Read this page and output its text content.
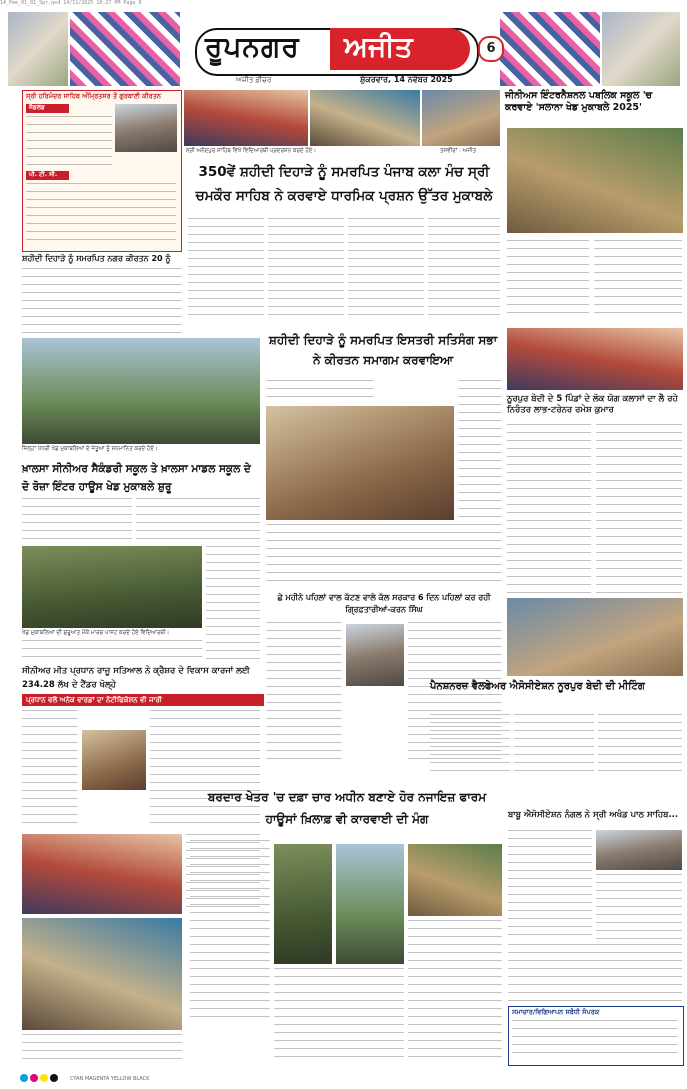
14_Pee_01_01_Spr.qxd 14/11/2025 10:27 PM Page 6
ਰੂਪਨਗਰ ਅਜੀਤ	6
ਅਜੀਤ ਫ਼ੀਚਰ	ਸ਼ੁੱਕਰਵਾਰ, 14 ਨਵੰਬਰ 2025
ਸ੍ਰੀ ਹਰਿਮੰਦਰ ਸਾਹਿਬ ਅੰਮ੍ਰਿਤਸਰ ਤੋਂ ਗੁਰਬਾਣੀ ਕੀਰਤਨ
ਜੈਡਲਡ
ਪੀ. ਟੀ. ਸੀ.
ਸ੍ਰੀ ਅਨੰਦਪੁਰ ਸਾਹਿਬ ਵਿਖੇ ਵਿਦਿਆਰਥੀ ਪ੍ਰਦਰਸ਼ਨ ਕਰਦੇ ਹੋਏ।	ਤਸਵੀਰਾਂ : ਅਜੀਤ
ਜੀਨੀਅਸ ਇੰਟਰਨੈਸ਼ਨਲ ਪਬਲਿਕ ਸਕੂਲ 'ਚ ਕਰਵਾਏ 'ਸਲਾਨਾ ਖੇਡ ਮੁਕਾਬਲੇ 2025'
350ਵੇਂ ਸ਼ਹੀਦੀ ਦਿਹਾੜੇ ਨੂੰ ਸਮਰਪਿਤ ਪੰਜਾਬ ਕਲਾ ਮੰਚ ਸ੍ਰੀ ਚਮਕੌਰ ਸਾਹਿਬ ਨੇ ਕਰਵਾਏ ਧਾਰਮਿਕ ਪ੍ਰਸ਼ਨ ਉੱਤਰ ਮੁਕਾਬਲੇ
ਸ਼ਹੀਦੀ ਦਿਹਾੜੇ ਨੂੰ ਸਮਰਪਿਤ ਨਗਰ ਕੀਰਤਨ 20 ਨੂੰ
ਜ਼ਿਲ੍ਹਾ ਪੱਧਰੀ ਖੇਡ ਮੁਕਾਬਲਿਆਂ ਦੇ ਜੇਤੂਆਂ ਨੂੰ ਸਨਮਾਨਿਤ ਕਰਦੇ ਹੋਏ।
ਸ਼ਹੀਦੀ ਦਿਹਾੜੇ ਨੂੰ ਸਮਰਪਿਤ ਇਸਤਰੀ ਸਤਿਸੰਗ ਸਭਾ ਨੇ ਕੀਰਤਨ ਸਮਾਗਮ ਕਰਵਾਇਆ
ਨੂਰਪੁਰ ਬੇਦੀ ਦੇ 5 ਪਿੰਡਾਂ ਦੇ ਲੋਕ ਯੋਗ ਕਲਾਸਾਂ ਦਾ ਲੈ ਰਹੇ ਨਿਰੰਤਰ ਲਾਭ-ਟਰੇਨਰ ਰਮੇਸ਼ ਕੁਮਾਰ
ਖ਼ਾਲਸਾ ਸੀਨੀਅਰ ਸੈਕੰਡਰੀ ਸਕੂਲ ਤੇ ਖ਼ਾਲਸਾ ਮਾਡਲ ਸਕੂਲ ਦੇ ਦੋ ਰੋਜ਼ਾ ਇੰਟਰ ਹਾਊਸ ਖੇਡ ਮੁਕਾਬਲੇ ਸ਼ੁਰੂ
ਖੇਡ ਮੁਕਾਬਲਿਆਂ ਦੀ ਸ਼ੁਰੂਆਤ ਮੌਕੇ ਮਾਰਚ ਪਾਸਟ ਕਰਦੇ ਹੋਏ ਵਿਦਿਆਰਥੀ।
ਛੇ ਮਹੀਨੇ ਪਹਿਲਾਂ ਵਾਲ ਕੱਟਣ ਵਾਲੇ ਕੱਲ ਸਰਕਾਰ 6 ਦਿਨ ਪਹਿਲਾਂ ਕਰ ਰਹੀ ਗ੍ਰਿਫ਼ਤਾਰੀਆਂ-ਕਰਨ ਸਿੰਘ
ਪੈਨਸ਼ਨਰਜ਼ ਵੈਲਫੇਅਰ ਐਸੋਸੀਏਸ਼ਨ ਨੂਰਪੁਰ ਬੇਦੀ ਦੀ ਮੀਟਿੰਗ
ਸੀਨੀਅਰ ਮੀਤ ਪ੍ਰਧਾਨ ਰਾਜੂ ਸਤਿਆਲ ਨੇ ਕ੍ਰੈਸ਼ਰ ਦੇ ਵਿਕਾਸ ਕਾਰਜਾਂ ਲਈ 234.28 ਲੱਖ ਦੇ ਟੈਂਡਰ ਖੋਲ੍ਹੇ
ਪ੍ਰਧਾਨ ਵਲੋਂ ਅਨੇਕ ਵਾਰਡਾਂ ਦਾ ਨੋਟੀਫਿਕੇਸ਼ਨ ਵੀ ਜਾਰੀ
ਬਰਦਾਰ ਖੇਤਰ 'ਚ ਦਫ਼ਾ ਚਾਰ ਅਧੀਨ ਬਣਾਏ ਹੋਰ ਨਜਾਇਜ਼ ਫਾਰਮ ਹਾਊਸਾਂ ਖ਼ਿਲਾਫ਼ ਵੀ ਕਾਰਵਾਈ ਦੀ ਮੰਗ	ਬਾਬੂ ਐਸੋਸੀਏਸ਼ਨ ਨੰਗਲ ਨੇ ਸ੍ਰੀ ਅਖੰਡ ਪਾਠ ਸਾਹਿਬ...
ਸਮਾਚਾਰ/ਵਿਗਿਆਪਨ ਸਬੰਧੀ ਸੰਪਰਕ
CYAN MAGENTA YELLOW BLACK
